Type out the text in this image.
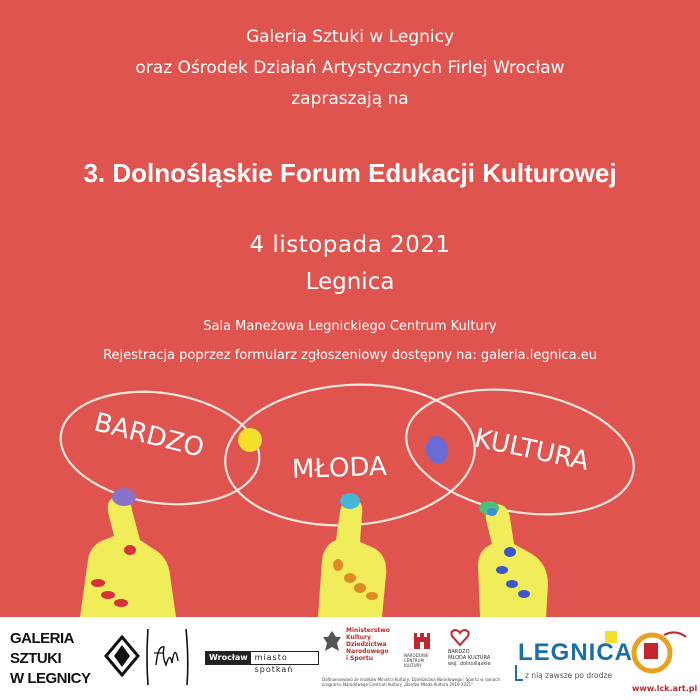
Galeria Sztuki w Legnicy
oraz Ośrodek Działań Artystycznych Firlej Wrocław
zapraszają na
3. Dolnośląskie Forum Edukacji Kulturowej
4 listopada 2021
Legnica
Sala Maneżowa Legnickiego Centrum Kultury
Rejestracja poprzez formularz zgłoszeniowy dostępny na: galeria.legnica.eu
BARDZO
MŁODA	KULTURA

GALERIA
SZTUKI
W LEGNICY

Wrocław miasto spotkań

Ministerstwo
Kultury
Dziedzictwa
Narodowego
i Sportu	NARODOWE
CENTRUM
KULTURY

BARDZO
MŁODA KULTURA
woj. dolnośląskie LEGNICA

z nią zawsze po drodze

www.lck.art.pl

Dofinansowano ze środków Ministra Kultury, Dziedzictwa Narodowego i Sportu w ramach programu Narodowego Centrum Kultury „Bardzo Młoda Kultura 2019-2021”
